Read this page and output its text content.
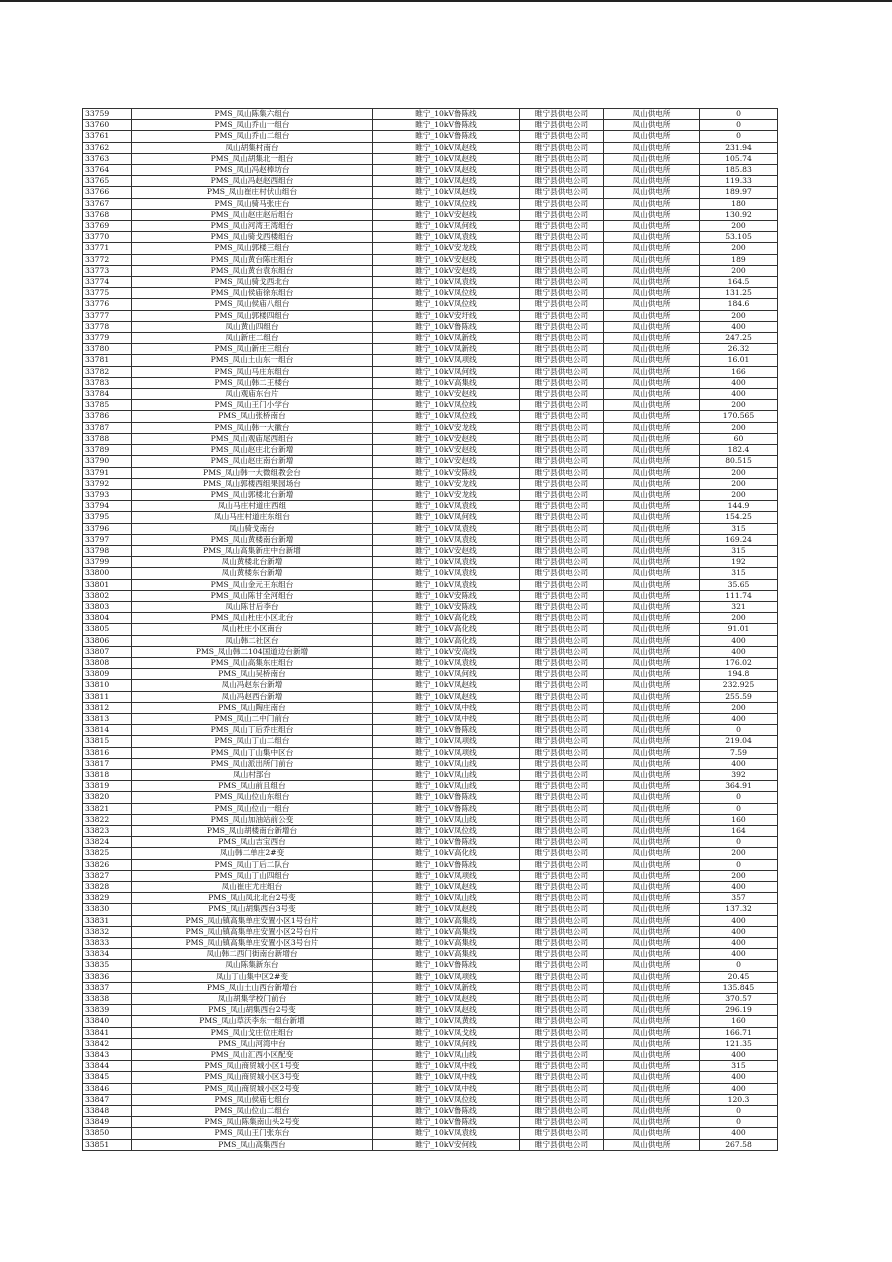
33759	PMS_凤山陈集六组台	睢宁_10kV鲁陈线	睢宁县供电公司	凤山供电所	0
33760	PMS_凤山乔山一组台	睢宁_10kV鲁陈线	睢宁县供电公司	凤山供电所	0
33761	PMS_凤山乔山二组台	睢宁_10kV鲁陈线	睢宁县供电公司	凤山供电所	0
33762	凤山胡集村南台	睢宁_10kV凤赵线	睢宁县供电公司	凤山供电所	231.94
33763	PMS_凤山胡集北一组台	睢宁_10kV凤赵线	睢宁县供电公司	凤山供电所	105.74
33764	PMS_凤山冯赵棒坊台	睢宁_10kV凤赵线	睢宁县供电公司	凤山供电所	185.83
33765	PMS_凤山冯赵赵西组台	睢宁_10kV凤赵线	睢宁县供电公司	凤山供电所	119.33
33766	PMS_凤山崔庄村伏山组台	睢宁_10kV凤赵线	睢宁县供电公司	凤山供电所	189.97
33767	PMS_凤山骑马张庄台	睢宁_10kV凤位线	睢宁县供电公司	凤山供电所	180
33768	PMS_凤山赵庄赵后组台	睢宁_10kV安赵线	睢宁县供电公司	凤山供电所	130.92
33769	PMS_凤山河湾王湾组台	睢宁_10kV凤何线	睢宁县供电公司	凤山供电所	200
33770	PMS_凤山骑戈西楼组台	睢宁_10kV凤袁线	睢宁县供电公司	凤山供电所	53.105
33771	PMS_凤山郭楼三组台	睢宁_10kV安龙线	睢宁县供电公司	凤山供电所	200
33772	PMS_凤山黄台陈庄组台	睢宁_10kV安赵线	睢宁县供电公司	凤山供电所	189
33773	PMS_凤山黄台袁东组台	睢宁_10kV安赵线	睢宁县供电公司	凤山供电所	200
33774	PMS_凤山骑戈西北台	睢宁_10kV凤袁线	睢宁县供电公司	凤山供电所	164.5
33775	PMS_凤山侯庙徐东组台	睢宁_10kV凤位线	睢宁县供电公司	凤山供电所	131.25
33776	PMS_凤山侯庙八组台	睢宁_10kV凤位线	睢宁县供电公司	凤山供电所	184.6
33777	PMS_凤山郭楼四组台	睢宁_10kV安圩线	睢宁县供电公司	凤山供电所	200
33778	凤山黄山四组台	睢宁_10kV鲁陈线	睢宁县供电公司	凤山供电所	400
33779	凤山新庄二组台	睢宁_10kV凤新线	睢宁县供电公司	凤山供电所	247.25
33780	PMS_凤山新庄三组台	睢宁_10kV凤新线	睢宁县供电公司	凤山供电所	26.32
33781	PMS_凤山土山东一组台	睢宁_10kV凤项线	睢宁县供电公司	凤山供电所	16.01
33782	PMS_凤山马庄东组台	睢宁_10kV凤何线	睢宁县供电公司	凤山供电所	166
33783	PMS_凤山韩二王楼台	睢宁_10kV高集线	睢宁县供电公司	凤山供电所	400
33784	凤山观庙东台片	睢宁_10kV安赵线	睢宁县供电公司	凤山供电所	400
33785	PMS_凤山王门小学台	睢宁_10kV凤位线	睢宁县供电公司	凤山供电所	200
33786	PMS_凤山张桥南台	睢宁_10kV凤位线	睢宁县供电公司	凤山供电所	170.565
33787	PMS_凤山韩一大徽台	睢宁_10kV安龙线	睢宁县供电公司	凤山供电所	200
33788	PMS_凤山观庙尾西组台	睢宁_10kV安赵线	睢宁县供电公司	凤山供电所	60
33789	PMS_凤山赵庄北台新增	睢宁_10kV安赵线	睢宁县供电公司	凤山供电所	182.4
33790	PMS_凤山赵庄南台新增	睢宁_10kV安赵线	睢宁县供电公司	凤山供电所	80.515
33791	PMS_凤山韩一大微组教会台	睢宁_10kV安陈线	睢宁县供电公司	凤山供电所	200
33792	PMS_凤山郭楼西组果园场台	睢宁_10kV安龙线	睢宁县供电公司	凤山供电所	200
33793	PMS_凤山郭楼北台新增	睢宁_10kV安龙线	睢宁县供电公司	凤山供电所	200
33794	凤山马庄村道庄西组	睢宁_10kV凤袁线	睢宁县供电公司	凤山供电所	144.9
33795	凤山马庄村道庄东组台	睢宁_10kV凤何线	睢宁县供电公司	凤山供电所	154.25
33796	凤山骑戈南台	睢宁_10kV凤袁线	睢宁县供电公司	凤山供电所	315
33797	PMS_凤山黄楼南台新增	睢宁_10kV凤袁线	睢宁县供电公司	凤山供电所	169.24
33798	PMS_凤山高集新庄中台新增	睢宁_10kV安赵线	睢宁县供电公司	凤山供电所	315
33799	凤山黄楼北台新增	睢宁_10kV凤袁线	睢宁县供电公司	凤山供电所	192
33800	凤山黄楼东台新增	睢宁_10kV凤袁线	睢宁县供电公司	凤山供电所	315
33801	PMS_凤山金元王东组台	睢宁_10kV凤袁线	睢宁县供电公司	凤山供电所	35.65
33802	PMS_凤山陈甘全河组台	睢宁_10kV安陈线	睢宁县供电公司	凤山供电所	111.74
33803	凤山陈甘后李台	睢宁_10kV安陈线	睢宁县供电公司	凤山供电所	321
33804	PMS_凤山杜庄小区北台	睢宁_10kV高化线	睢宁县供电公司	凤山供电所	200
33805	凤山杜庄小区南台	睢宁_10kV高化线	睢宁县供电公司	凤山供电所	91.01
33806	凤山韩二社区台	睢宁_10kV高化线	睢宁县供电公司	凤山供电所	400
33807	PMS_凤山韩二104国道边台新增	睢宁_10kV安高线	睢宁县供电公司	凤山供电所	400
33808	PMS_凤山高集东庄组台	睢宁_10kV凤袁线	睢宁县供电公司	凤山供电所	176.02
33809	PMS_凤山吴桥南台	睢宁_10kV凤何线	睢宁县供电公司	凤山供电所	194.8
33810	凤山冯赵东台新增	睢宁_10kV凤赵线	睢宁县供电公司	凤山供电所	232.925
33811	凤山冯赵西台新增	睢宁_10kV凤赵线	睢宁县供电公司	凤山供电所	255.59
33812	PMS_凤山陶庄南台	睢宁_10kV凤中线	睢宁县供电公司	凤山供电所	200
33813	PMS_凤山二中门前台	睢宁_10kV凤中线	睢宁县供电公司	凤山供电所	400
33814	PMS_凤山丁后乔庄组台	睢宁_10kV鲁陈线	睢宁县供电公司	凤山供电所	0
33815	PMS_凤山丁山二组台	睢宁_10kV凤项线	睢宁县供电公司	凤山供电所	219.04
33816	PMS_凤山丁山集中区台	睢宁_10kV凤项线	睢宁县供电公司	凤山供电所	7.59
33817	PMS_凤山派出所门前台	睢宁_10kV凤山线	睢宁县供电公司	凤山供电所	400
33818	凤山村部台	睢宁_10kV凤山线	睢宁县供电公司	凤山供电所	392
33819	PMS_凤山前且组台	睢宁_10kV凤山线	睢宁县供电公司	凤山供电所	364.91
33820	PMS_凤山位山东组台	睢宁_10kV鲁陈线	睢宁县供电公司	凤山供电所	0
33821	PMS_凤山位山一组台	睢宁_10kV鲁陈线	睢宁县供电公司	凤山供电所	0
33822	PMS_凤山加油站前公变	睢宁_10kV凤山线	睢宁县供电公司	凤山供电所	160
33823	PMS_凤山胡楼南台新增台	睢宁_10kV凤位线	睢宁县供电公司	凤山供电所	164
33824	PMS_凤山吉宝西台	睢宁_10kV鲁陈线	睢宁县供电公司	凤山供电所	0
33825	凤山韩二单庄2#变	睢宁_10kV高化线	睢宁县供电公司	凤山供电所	200
33826	PMS_凤山丁后二队台	睢宁_10kV鲁陈线	睢宁县供电公司	凤山供电所	0
33827	PMS_凤山丁山四组台	睢宁_10kV凤项线	睢宁县供电公司	凤山供电所	200
33828	凤山崔庄尤庄组台	睢宁_10kV凤赵线	睢宁县供电公司	凤山供电所	400
33829	PMS_凤山凤北北台2号变	睢宁_10kV凤山线	睢宁县供电公司	凤山供电所	357
33830	PMS_凤山胡集西台3号变	睢宁_10kV凤赵线	睢宁县供电公司	凤山供电所	137.32
33831	PMS_凤山镇高集单庄安置小区1号台片	睢宁_10kV高集线	睢宁县供电公司	凤山供电所	400
33832	PMS_凤山镇高集单庄安置小区2号台片	睢宁_10kV高集线	睢宁县供电公司	凤山供电所	400
33833	PMS_凤山镇高集单庄安置小区3号台片	睢宁_10kV高集线	睢宁县供电公司	凤山供电所	400
33834	凤山韩二西门街南台新增台	睢宁_10kV高集线	睢宁县供电公司	凤山供电所	400
33835	凤山陈集新东台	睢宁_10kV鲁陈线	睢宁县供电公司	凤山供电所	0
33836	凤山丁山集中区2#变	睢宁_10kV凤项线	睢宁县供电公司	凤山供电所	20.45
33837	PMS_凤山土山西台新增台	睢宁_10kV凤新线	睢宁县供电公司	凤山供电所	135.845
33838	凤山胡集学校门前台	睢宁_10kV凤赵线	睢宁县供电公司	凤山供电所	370.57
33839	PMS_凤山胡集西台2号变	睢宁_10kV凤赵线	睢宁县供电公司	凤山供电所	296.19
33840	PMS_凤山草沃李东一组台新增	睢宁_10kV凤黄线	睢宁县供电公司	凤山供电所	160
33841	PMS_凤山戈庄位庄组台	睢宁_10kV凤戈线	睢宁县供电公司	凤山供电所	166.71
33842	PMS_凤山河湾中台	睢宁_10kV凤何线	睢宁县供电公司	凤山供电所	121.35
33843	PMS_凤山汇西小区配变	睢宁_10kV凤山线	睢宁县供电公司	凤山供电所	400
33844	PMS_凤山商贸城小区1号变	睢宁_10kV凤中线	睢宁县供电公司	凤山供电所	315
33845	PMS_凤山商贸城小区3号变	睢宁_10kV凤中线	睢宁县供电公司	凤山供电所	400
33846	PMS_凤山商贸城小区2号变	睢宁_10kV凤中线	睢宁县供电公司	凤山供电所	400
33847	PMS_凤山侯庙七组台	睢宁_10kV凤位线	睢宁县供电公司	凤山供电所	120.3
33848	PMS_凤山位山二组台	睢宁_10kV鲁陈线	睢宁县供电公司	凤山供电所	0
33849	PMS_凤山陈集南山头2号变	睢宁_10kV鲁陈线	睢宁县供电公司	凤山供电所	0
33850	PMS_凤山王门张东台	睢宁_10kV凤袁线	睢宁县供电公司	凤山供电所	400
33851	PMS_凤山高集西台	睢宁_10kV安何线	睢宁县供电公司	凤山供电所	267.58
